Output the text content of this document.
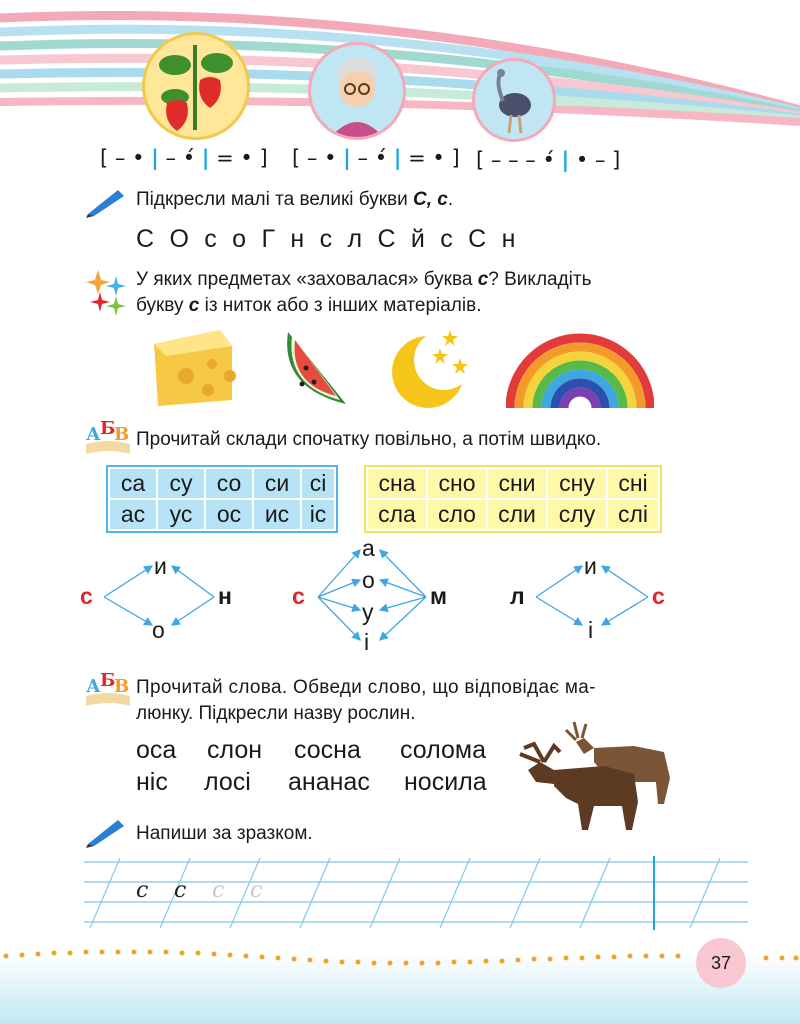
[ – • | – •́ | = • ] [ – • | – •́ | = • ] [ – – – •́ | • – ]
Підкресли малі та великі букви С, с.
С  О  с  о  Г  н  с  л  С  й  с  С  н
У яких предметах «заховалася» буква с? Викладіть
букву с із ниток або з інших матеріалів.
А Б
В Прочитай склади спочатку повільно, а потім швидко.
са	су	со	си	сі
ас	ус	ос	ис	іс
сна	сно	сни	сну	сні
сла	сло	сли	слу	слі
с
и
о
н	с
а
о
у
і
м	л
и
і
с
А Б
В Прочитай слова. Обведи слово, що відповідає ма-
люнку. Підкресли назву рослин.
оса слон сосна солома
ніс лосі ананас носила
Напиши за зразком.
с с с с
37
